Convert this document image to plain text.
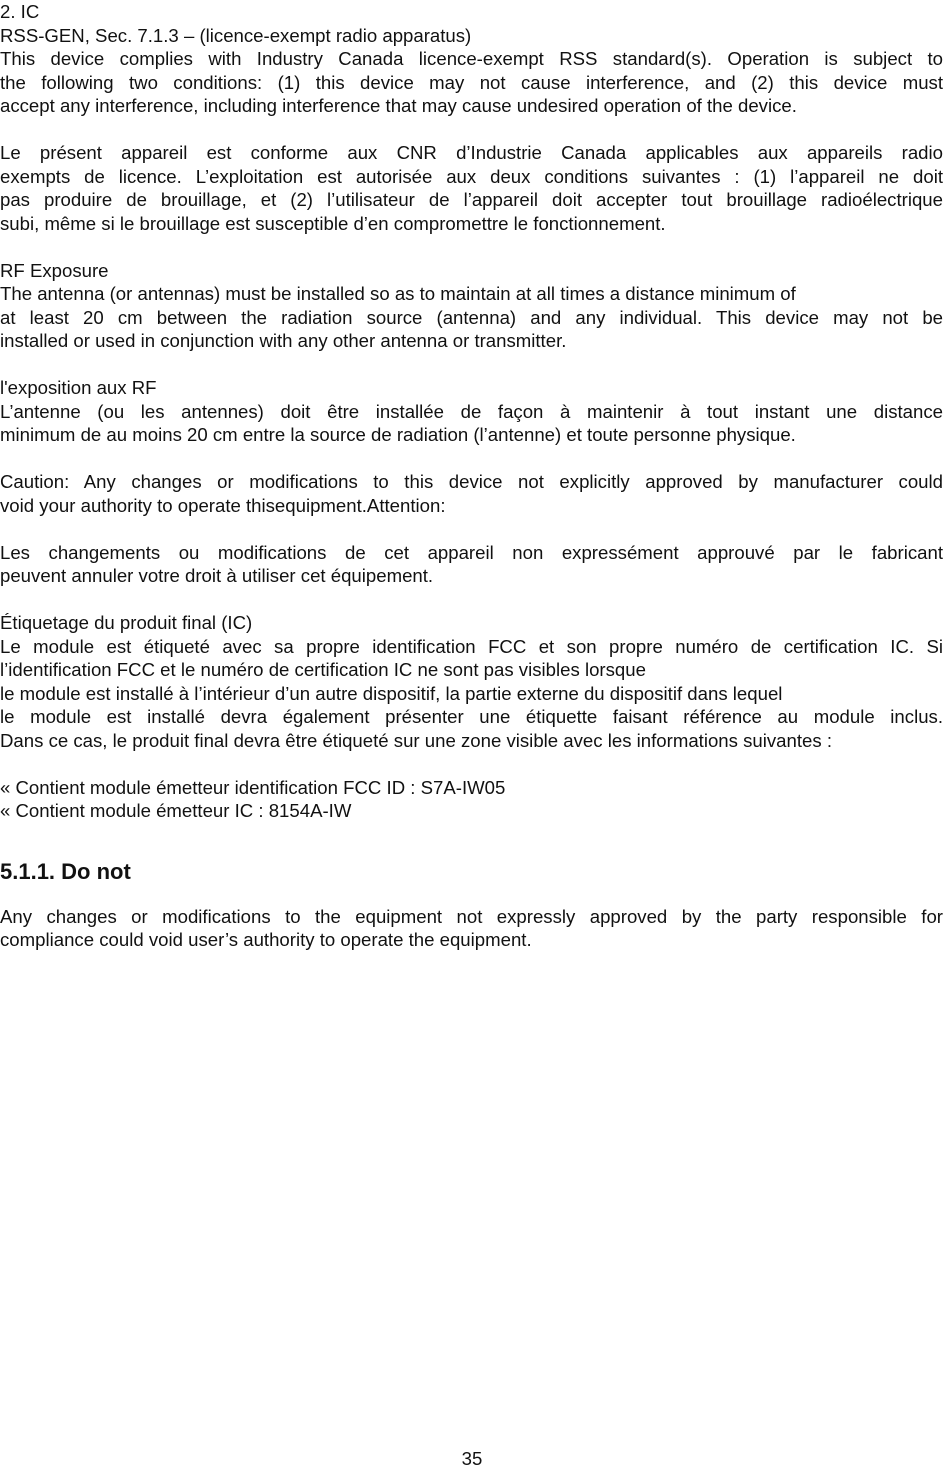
2. IC
RSS-GEN, Sec. 7.1.3 – (licence-exempt radio apparatus)
This device complies with Industry Canada licence-exempt RSS standard(s). Operation is subject to
the following two conditions: (1) this device may not cause interference, and (2) this device must
accept any interference, including interference that may cause undesired operation of the device.
Le présent appareil est conforme aux CNR d’Industrie Canada applicables aux appareils radio
exempts de licence. L’exploitation est autorisée aux deux conditions suivantes : (1) l’appareil ne doit
pas produire de brouillage, et (2) l’utilisateur de l’appareil doit accepter tout brouillage radioélectrique
subi, même si le brouillage est susceptible d’en compromettre le fonctionnement.
RF Exposure
The antenna (or antennas) must be installed so as to maintain at all times a distance minimum of
at least 20 cm between the radiation source (antenna) and any individual. This device may not be
installed or used in conjunction with any other antenna or transmitter.
l'exposition aux RF
L’antenne (ou les antennes) doit être installée de façon à maintenir à tout instant une distance
minimum de au moins 20 cm entre la source de radiation (l’antenne) et toute personne physique.
Caution: Any changes or modifications to this device not explicitly approved by manufacturer could
void your authority to operate thisequipment.Attention:
Les changements ou modifications de cet appareil non expressément approuvé par le fabricant
peuvent annuler votre droit à utiliser cet équipement.
Étiquetage du produit final (IC)
Le module est étiqueté avec sa propre identification FCC et son propre numéro de certification IC. Si
l’identification FCC et le numéro de certification IC ne sont pas visibles lorsque
le module est installé à l’intérieur d’un autre dispositif, la partie externe du dispositif dans lequel
le module est installé devra également présenter une étiquette faisant référence au module inclus.
Dans ce cas, le produit final devra être étiqueté sur une zone visible avec les informations suivantes :
« Contient module émetteur identification FCC ID : S7A-IW05
« Contient module émetteur IC : 8154A-IW
5.1.1. Do not
Any changes or modifications to the equipment not expressly approved by the party responsible for
compliance could void user’s authority to operate the equipment.
35
